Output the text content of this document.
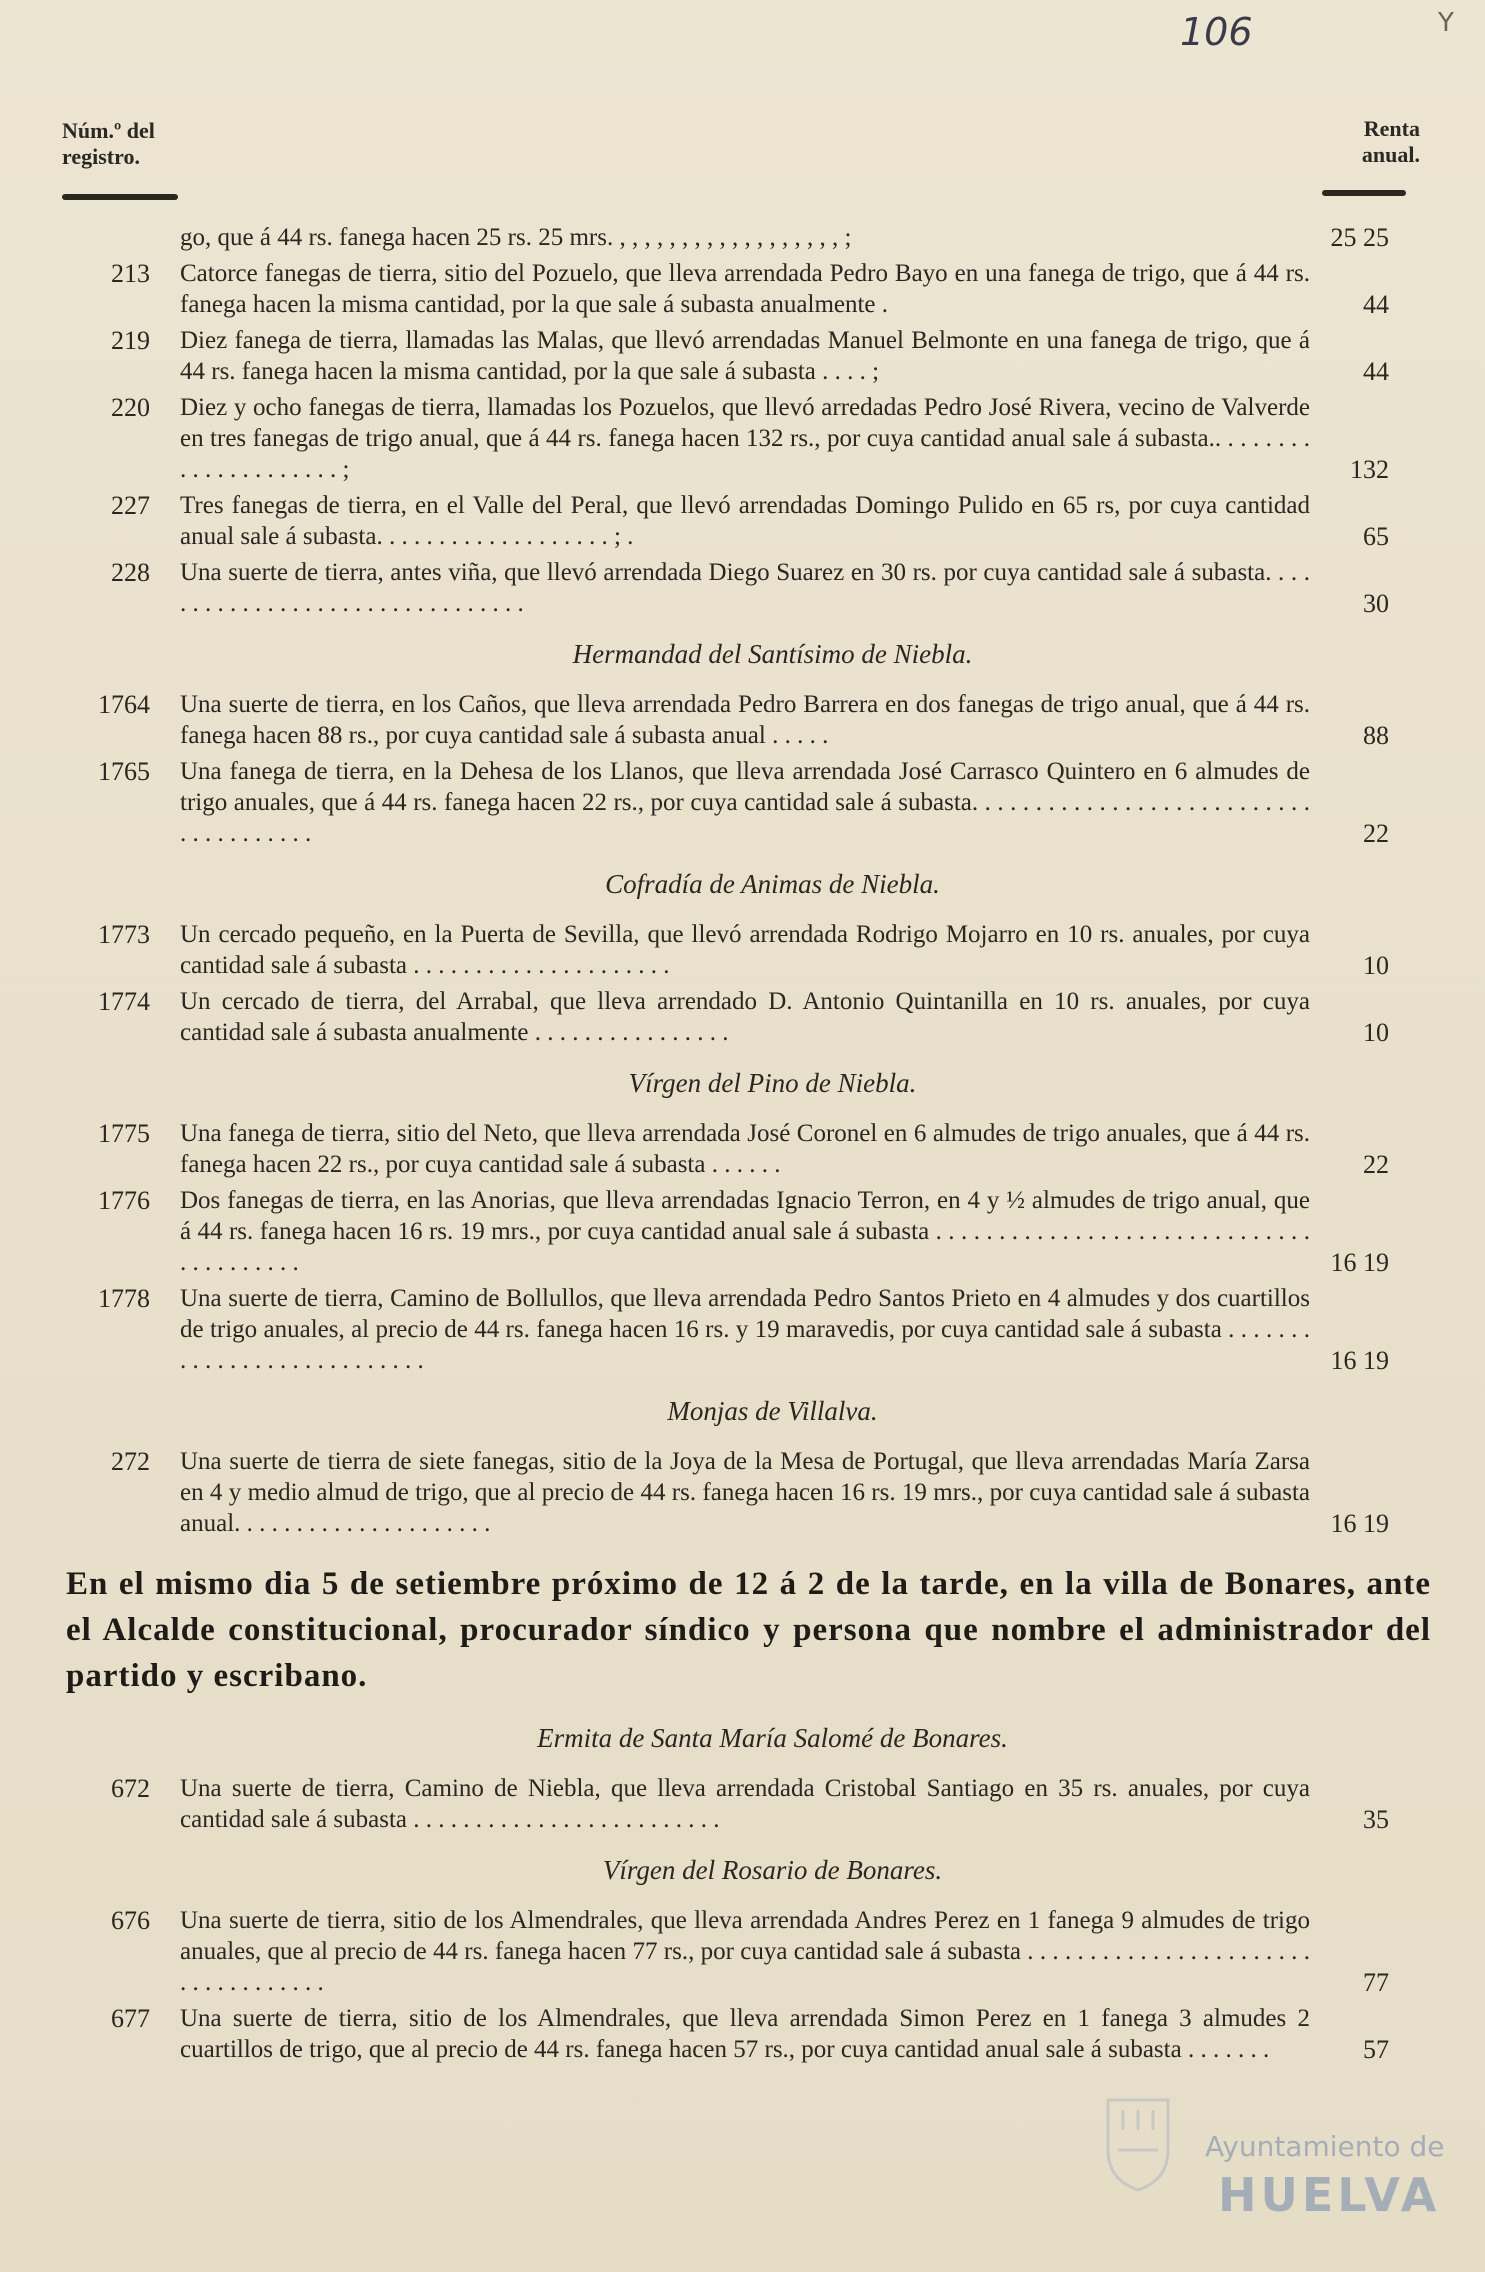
106	Y
Núm.º del
registro.
Renta
anual.
go, que á 44 rs. fanega hacen 25 rs. 25 mrs. , , , , , , , , , , , , , , , , , , ;	25 25
213 Catorce fanegas de tierra, sitio del Pozuelo, que lleva arrendada Pedro Bayo en una fanega de trigo, que á 44 rs. fanega hacen la misma cantidad, por la que sale á subasta anualmente .	44
219 Diez fanega de tierra, llamadas las Malas, que llevó arrendadas Manuel Belmonte en una fanega de trigo, que á 44 rs. fanega hacen la misma cantidad, por la que sale á subasta . . . . ;	44
220 Diez y ocho fanegas de tierra, llamadas los Pozuelos, que llevó arredadas Pedro José Rivera, vecino de Valverde en tres fanegas de trigo anual, que á 44 rs. fanega hacen 132 rs., por cuya cantidad anual sale á subasta.. . . . . . . . . . . . . . . . . . . . . ;	132
227 Tres fanegas de tierra, en el Valle del Peral, que llevó arrendadas Domingo Pulido en 65 rs, por cuya cantidad anual sale á subasta. . . . . . . . . . . . . . . . . . . ; .	65
228 Una suerte de tierra, antes viña, que llevó arrendada Diego Suarez en 30 rs. por cuya cantidad sale á subasta. . . . . . . . . . . . . . . . . . . . . . . . . . . . . . . .	30
Hermandad del Santísimo de Niebla.
1764 Una suerte de tierra, en los Caños, que lleva arrendada Pedro Barrera en dos fanegas de trigo anual, que á 44 rs. fanega hacen 88 rs., por cuya cantidad sale á subasta anual . . . . .	88
1765 Una fanega de tierra, en la Dehesa de los Llanos, que lleva arrendada José Carrasco Quintero en 6 almudes de trigo anuales, que á 44 rs. fanega hacen 22 rs., por cuya cantidad sale á subasta. . . . . . . . . . . . . . . . . . . . . . . . . . . . . . . . . . . . . .	22
Cofradía de Animas de Niebla.
1773 Un cercado pequeño, en la Puerta de Sevilla, que llevó arrendada Rodrigo Mojarro en 10 rs. anuales, por cuya cantidad sale á subasta . . . . . . . . . . . . . . . . . . . . .	10
1774 Un cercado de tierra, del Arrabal, que lleva arrendado D. Antonio Quintanilla en 10 rs. anuales, por cuya cantidad sale á subasta anualmente . . . . . . . . . . . . . . . .	10
Vírgen del Pino de Niebla.
1775 Una fanega de tierra, sitio del Neto, que lleva arrendada José Coronel en 6 almudes de trigo anuales, que á 44 rs. fanega hacen 22 rs., por cuya cantidad sale á subasta . . . . . .	22
1776 Dos fanegas de tierra, en las Anorias, que lleva arrendadas Ignacio Terron, en 4 y ½ almudes de trigo anual, que á 44 rs. fanega hacen 16 rs. 19 mrs., por cuya cantidad anual sale á subasta . . . . . . . . . . . . . . . . . . . . . . . . . . . . . . . . . . . . . . . .	16 19
1778 Una suerte de tierra, Camino de Bollullos, que lleva arrendada Pedro Santos Prieto en 4 almudes y dos cuartillos de trigo anuales, al precio de 44 rs. fanega hacen 16 rs. y 19 maravedis, por cuya cantidad sale á subasta . . . . . . . . . . . . . . . . . . . . . . . . . . .	16 19
Monjas de Villalva.
272 Una suerte de tierra de siete fanegas, sitio de la Joya de la Mesa de Portugal, que lleva arrendadas María Zarsa en 4 y medio almud de trigo, que al precio de 44 rs. fanega hacen 16 rs. 19 mrs., por cuya cantidad sale á subasta anual. . . . . . . . . . . . . . . . . . . . .	16 19
En el mismo dia 5 de setiembre próximo de 12 á 2 de la tarde, en la villa de Bonares, ante el Alcalde constitucional, procurador síndico y persona que nombre el administrador del partido y escribano.
Ermita de Santa María Salomé de Bonares.
672 Una suerte de tierra, Camino de Niebla, que lleva arrendada Cristobal Santiago en 35 rs. anuales, por cuya cantidad sale á subasta . . . . . . . . . . . . . . . . . . . . . . . . .	35
Vírgen del Rosario de Bonares.
676 Una suerte de tierra, sitio de los Almendrales, que lleva arrendada Andres Perez en 1 fanega 9 almudes de trigo anuales, que al precio de 44 rs. fanega hacen 77 rs., por cuya cantidad sale á subasta . . . . . . . . . . . . . . . . . . . . . . . . . . . . . . . . . . .	77
677 Una suerte de tierra, sitio de los Almendrales, que lleva arrendada Simon Perez en 1 fanega 3 almudes 2 cuartillos de trigo, que al precio de 44 rs. fanega hacen 57 rs., por cuya cantidad anual sale á subasta . . . . . . .	57
Ayuntamiento de
HUELVA
